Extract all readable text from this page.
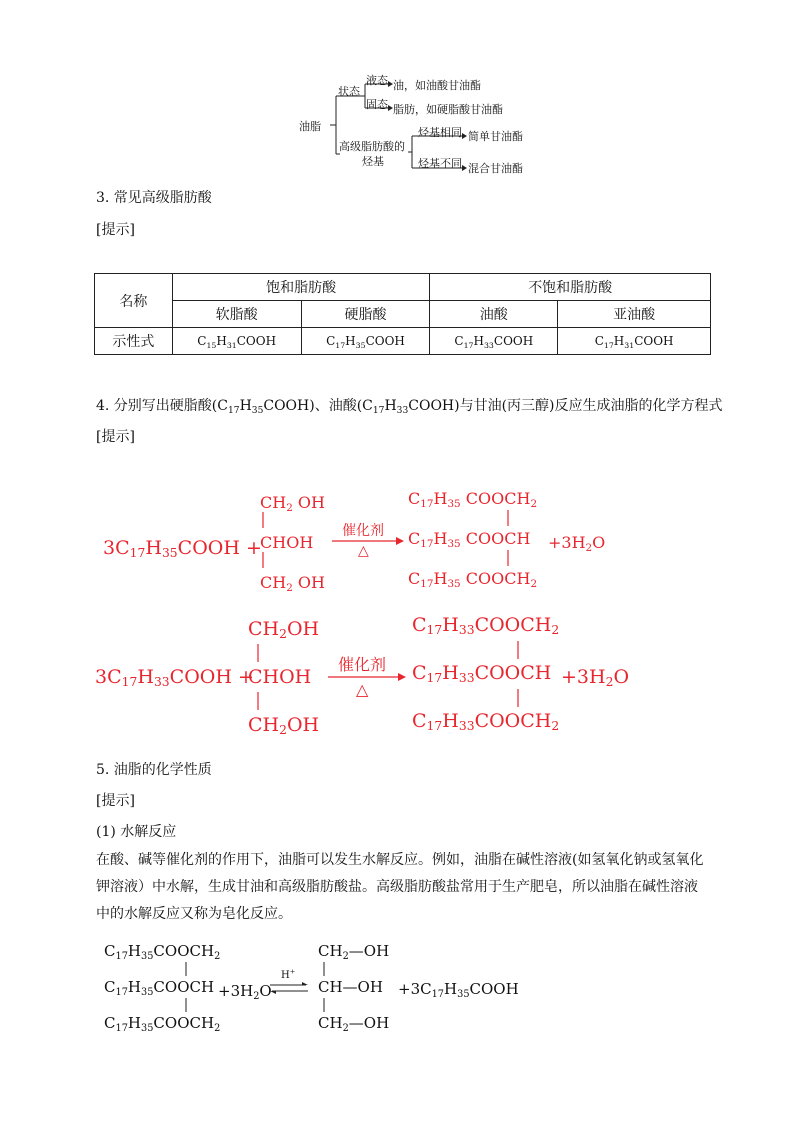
油脂
状态
液态 油，如油酸甘油酯
固态 脂肪，如硬脂酸甘油酯
高级脂肪酸的
烃基
烃基相同 简单甘油酯
烃基不同 混合甘油酯
3. 常见高级脂肪酸
[提示]
名称	饱和脂肪酸		不饱和脂肪酸	
	软脂酸	硬脂酸	油酸	亚油酸
示性式	$C_{15}H_{31}COOH$	$C_{17}H_{35}COOH$	$C_{17}H_{33}COOH$	$C_{17}H_{31}COOH$
4. 分别写出硬脂酸$(C_{17}H_{35}COOH)$、油酸$(C_{17}H_{33}COOH)$与甘油(丙三醇)反应生成油脂的化学方程式
[提示]
$3C_{17}H_{35}COOH$ +
$CH_2$ OH
CHOH
$CH_2$ OH
催化剂
△
$C_{17}H_{35}$ $COOCH_2$
$C_{17}H_{35}$ COOCH
$C_{17}H_{35}$ $COOCH_2$
$+3H_2O$
$3C_{17}H_{33}COOH$ +
$CH_2OH$
CHOH
$CH_2OH$
催化剂
△
$C_{17}H_{33}COOCH_2$
$C_{17}H_{33}COOCH$
$C_{17}H_{33}COOCH_2$
$+3H_2O$
5. 油脂的化学性质
[提示]
(1) 水解反应
在酸、碱等催化剂的作用下，油脂可以发生水解反应。例如，油脂在碱性溶液(如氢氧化钠或氢氧化钾溶液）中水解，生成甘油和高级脂肪酸盐。高级脂肪酸盐常用于生产肥皂，所以油脂在碱性溶液中的水解反应又称为皂化反应。
$C_{17}H_{35}COOCH_2$
$C_{17}H_{35}COOCH$
$C_{17}H_{35}COOCH_2$
$+3H_2O$
H+
$CH_2—OH$
CH—OH
$CH_2—OH$
$+3C_{17}H_{35}COOH$
